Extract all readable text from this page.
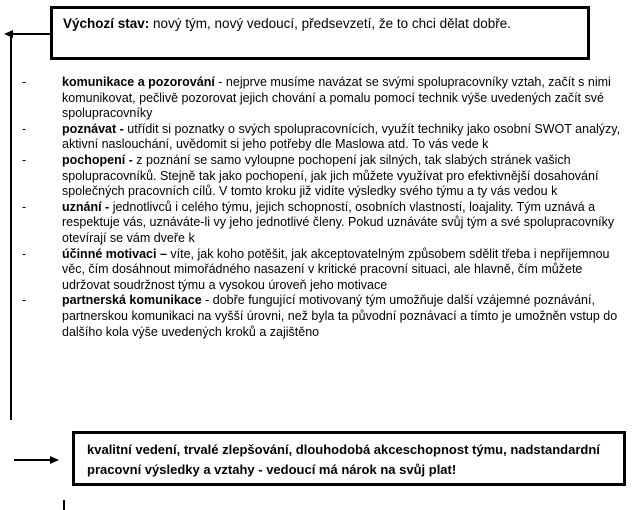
Výchozí stav: nový tým, nový vedoucí, předsevzetí, že to chci dělat dobře.
-	komunikace a pozorování - nejprve musíme navázat se svými spolupracovníky vztah, začít s nimi komunikovat, pečlivě pozorovat jejich chování a pomalu pomocí technik výše uvedených začít své spolupracovníky
-	poznávat - utřídit si poznatky o svých spolupracovnících, využít techniky jako osobní SWOT analýzy, aktivní naslouchání, uvědomit si jeho potřeby dle Maslowa atd. To vás vede k
-	pochopení - z poznání se samo vyloupne pochopení jak silných, tak slabých stránek vašich spolupracovníků. Stejně tak jako pochopení, jak jich můžete využívat pro efektivnější dosahování společných pracovních cílů. V tomto kroku již vidíte výsledky svého týmu a ty vás vedou k
-	uznání - jednotlivců i celého týmu, jejich schopností, osobních vlastností, loajality. Tým uznává a respektuje vás, uznáváte-li vy jeho jednotlivé členy. Pokud uznáváte svůj tým a své spolupracovníky otevírají se vám dveře k
-	účinné motivaci – víte, jak koho potěšit, jak akceptovatelným způsobem sdělit třeba i nepříjemnou věc, čím dosáhnout mimořádného nasazení v kritické pracovní situaci, ale hlavně, čím můžete udržovat soudržnost týmu a vysokou úroveň jeho motivace
-	partnerská komunikace - dobře fungující motivovaný tým umožňuje další vzájemné poznávání, partnerskou komunikaci na vyšší úrovni, než byla ta původní poznávací a tímto je umožněn vstup do dalšího kola výše uvedených kroků a zajištěno
kvalitní vedení, trvalé zlepšování, dlouhodobá akceschopnost týmu, nadstandardní pracovní výsledky a vztahy - vedoucí má nárok na svůj plat!
